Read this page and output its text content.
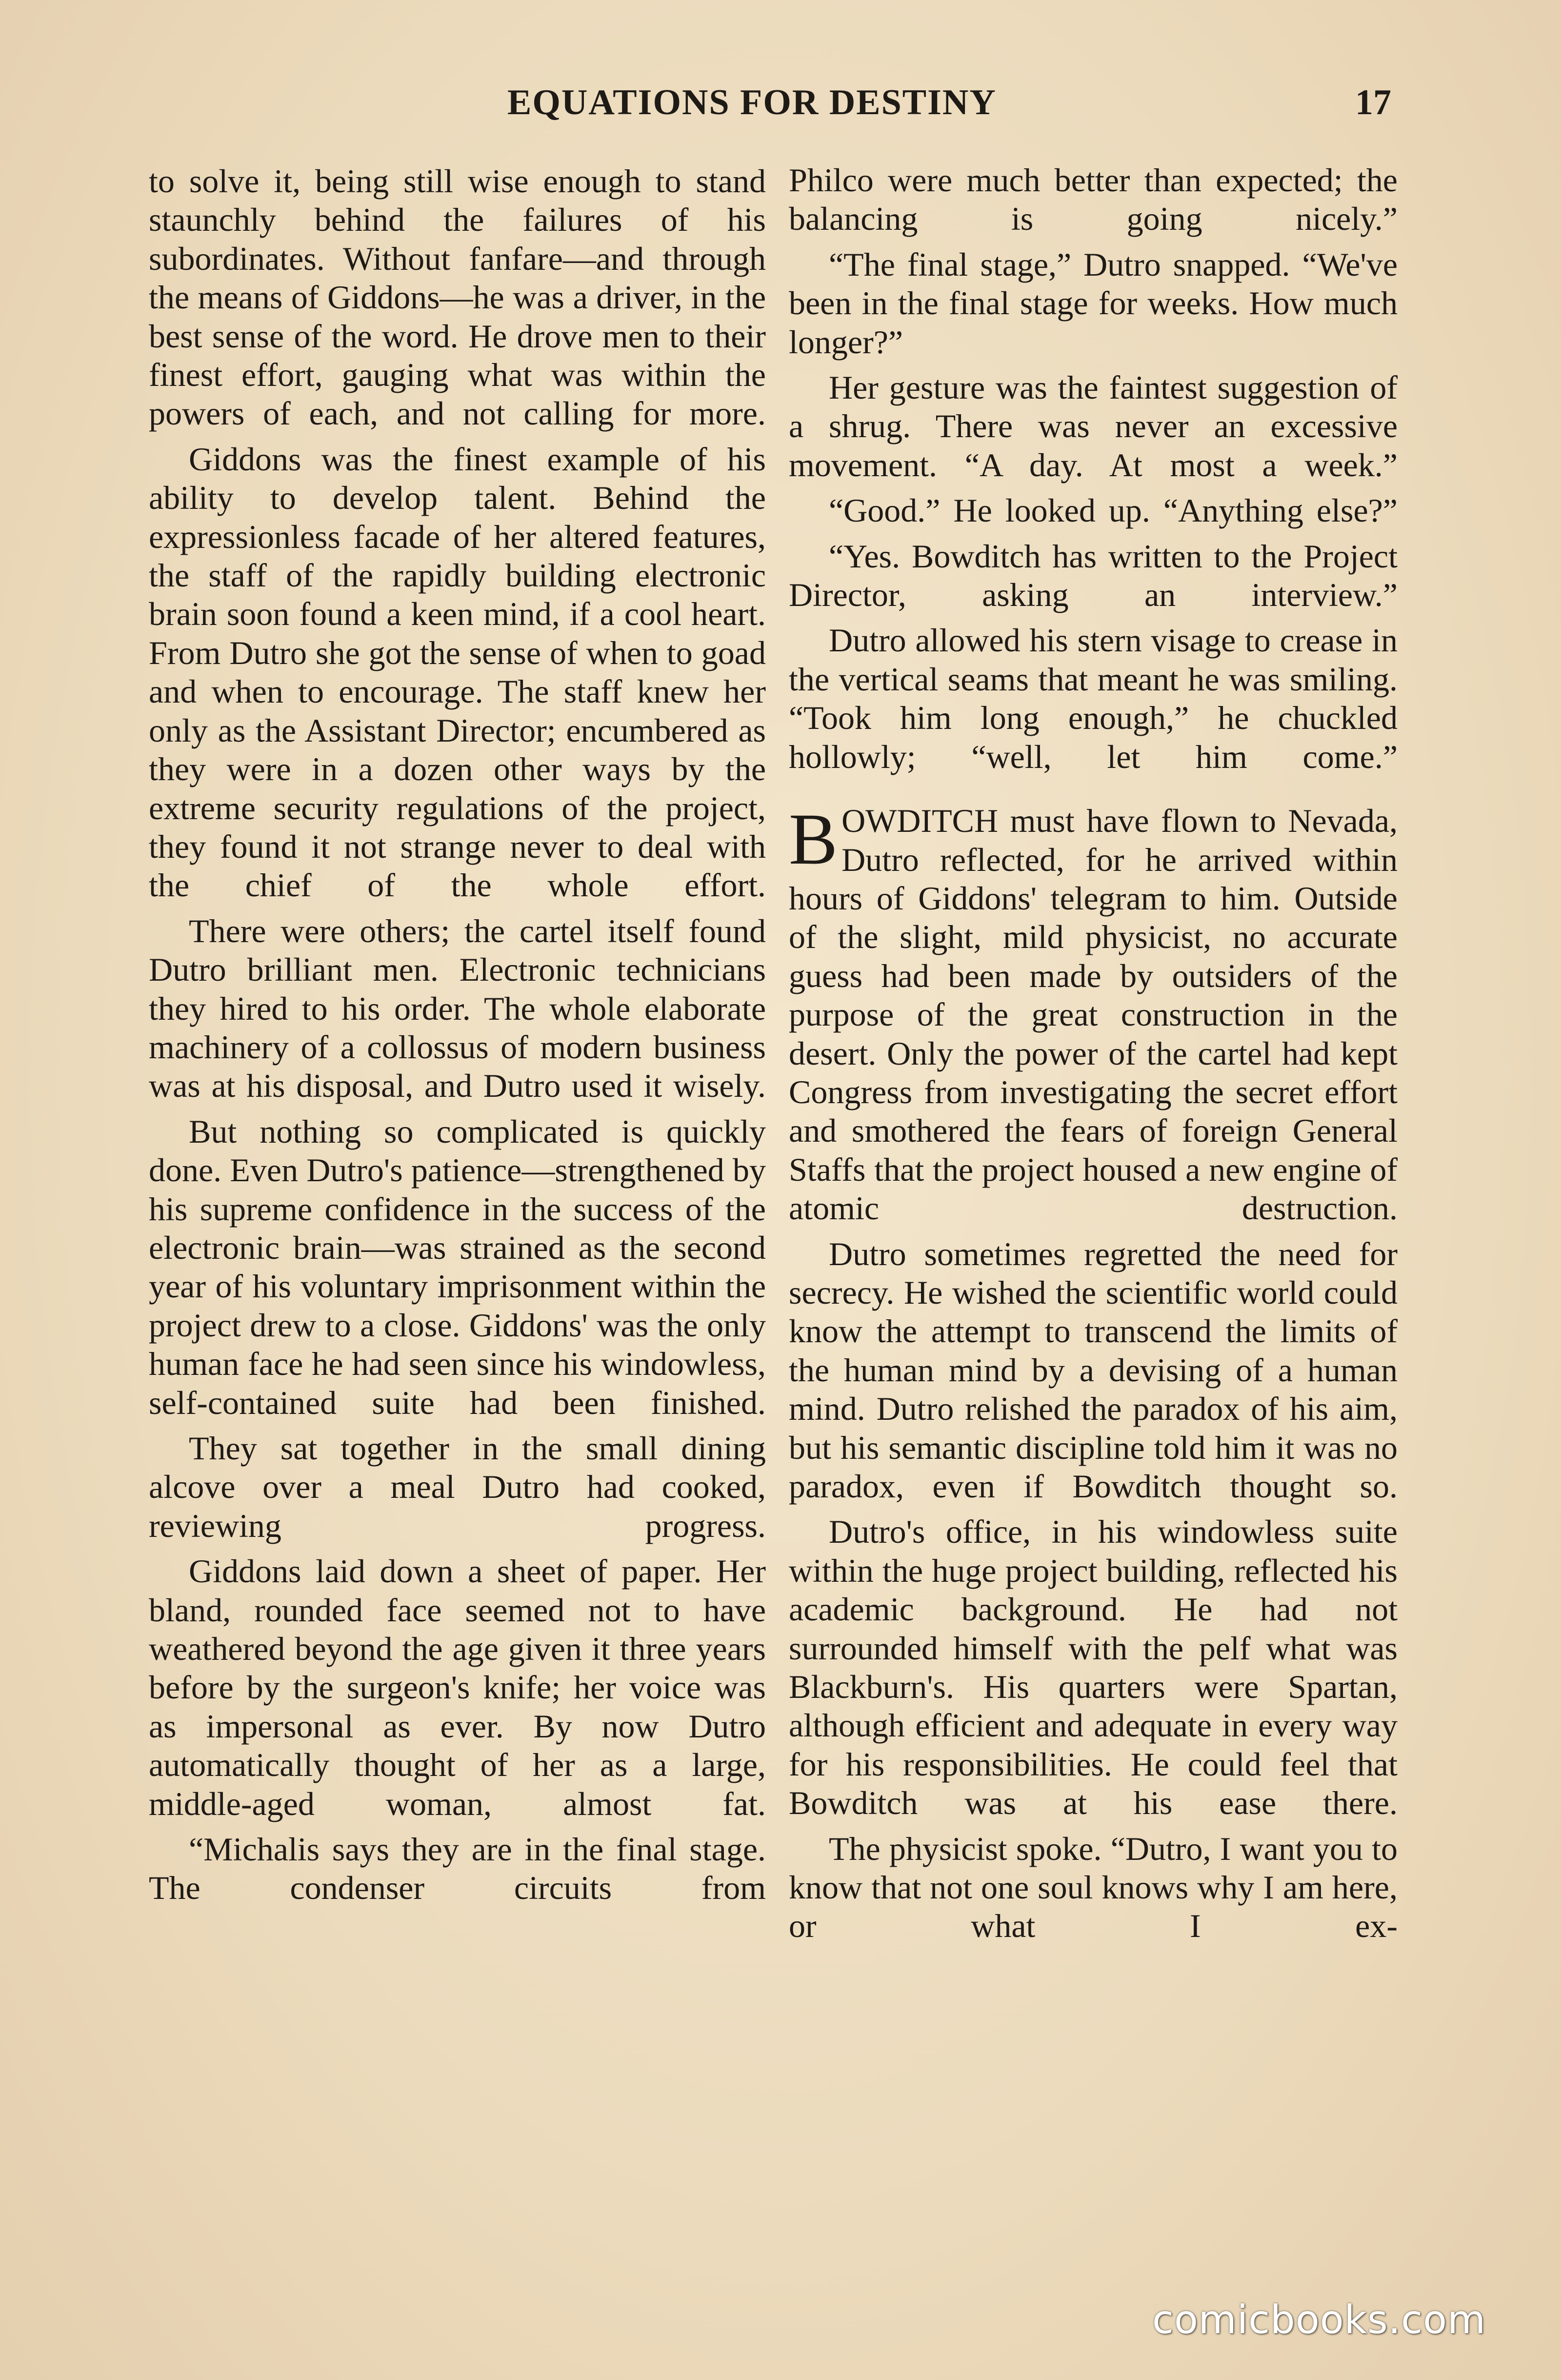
EQUATIONS FOR DESTINY	17

to solve it, being still wise enough to stand staunchly behind the failures of his subordinates. Without fanfare—and through the means of Giddons—he was a driver, in the best sense of the word. He drove men to their finest effort, gauging what was within the powers of each, and not calling for more.

Giddons was the finest example of his ability to develop talent. Behind the expressionless facade of her altered features, the staff of the rapidly building electronic brain soon found a keen mind, if a cool heart. From Dutro she got the sense of when to goad and when to encourage. The staff knew her only as the Assistant Director; encumbered as they were in a dozen other ways by the extreme security regulations of the project, they found it not strange never to deal with the chief of the whole effort.

There were others; the cartel itself found Dutro brilliant men. Electronic technicians they hired to his order. The whole elaborate machinery of a collossus of modern business was at his disposal, and Dutro used it wisely.

But nothing so complicated is quickly done. Even Dutro's patience—strengthened by his supreme confidence in the success of the electronic brain—was strained as the second year of his voluntary imprisonment within the project drew to a close. Giddons' was the only human face he had seen since his windowless, self-contained suite had been finished.

They sat together in the small dining alcove over a meal Dutro had cooked, reviewing progress.

Giddons laid down a sheet of paper. Her bland, rounded face seemed not to have weathered beyond the age given it three years before by the surgeon's knife; her voice was as impersonal as ever. By now Dutro automatically thought of her as a large, middle-aged woman, almost fat.

“Michalis says they are in the final stage. The condenser circuits from

Philco were much better than expected; the balancing is going nicely.”

“The final stage,” Dutro snapped. “We've been in the final stage for weeks. How much longer?”

Her gesture was the faintest suggestion of a shrug. There was never an excessive movement. “A day. At most a week.”

“Good.” He looked up. “Anything else?”

“Yes. Bowditch has written to the Project Director, asking an interview.”

Dutro allowed his stern visage to crease in the vertical seams that meant he was smiling. “Took him long enough,” he chuckled hollowly; “well, let him come.”

BOWDITCH must have flown to Nevada, Dutro reflected, for he arrived within hours of Giddons' telegram to him. Outside of the slight, mild physicist, no accurate guess had been made by outsiders of the purpose of the great construction in the desert. Only the power of the cartel had kept Congress from investigating the secret effort and smothered the fears of foreign General Staffs that the project housed a new engine of atomic destruction.

Dutro sometimes regretted the need for secrecy. He wished the scientific world could know the attempt to transcend the limits of the human mind by a devising of a human mind. Dutro relished the paradox of his aim, but his semantic discipline told him it was no paradox, even if Bowditch thought so.

Dutro's office, in his windowless suite within the huge project building, reflected his academic background. He had not surrounded himself with the pelf what was Blackburn's. His quarters were Spartan, although efficient and adequate in every way for his responsibilities. He could feel that Bowditch was at his ease there.

The physicist spoke. “Dutro, I want you to know that not one soul knows why I am here, or what I ex-

comicbooks.com
